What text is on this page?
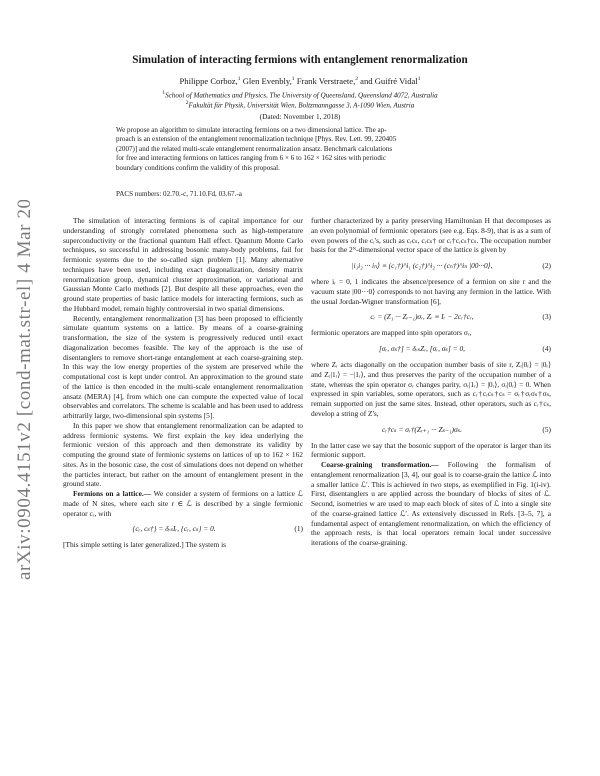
arXiv:0904.4151v2 [cond-mat.str-el] 4 Mar 2010
Simulation of interacting fermions with entanglement renormalization
Philippe Corboz,$^1$ Glen Evenbly,$^1$ Frank Verstraete,$^2$ and Guifré Vidal$^1$
$^1$School of Mathematics and Physics, The University of Queensland, Queensland 4072, Australia
$^2$Fakultät für Physik, Universität Wien, Boltzmanngasse 3, A-1090 Wien, Austria
(Dated: November 1, 2018)
We propose an algorithm to simulate interacting fermions on a two dimensional lattice. The ap-
proach is an extension of the entanglement renormalization technique [Phys. Rev. Lett. 99, 220405
(2007)] and the related multi-scale entanglement renormalization ansatz. Benchmark calculations
for free and interacting fermions on lattices ranging from 6 × 6 to 162 × 162 sites with periodic
boundary conditions confirm the validity of this proposal.
PACS numbers: 02.70.-c, 71.10.Fd, 03.67.-a

The simulation of interacting fermions is of capital importance for our understanding of strongly correlated phenomena such as high-temperature superconductivity or the fractional quantum Hall effect. Quantum Monte Carlo techniques, so successful in addressing bosonic many-body problems, fail for fermionic systems due to the so-called sign problem [1]. Many alternative techniques have been used, including exact diagonalization, density matrix renormalization group, dynamical cluster approximation, or variational and Gaussian Monte Carlo methods [2]. But despite all these approaches, even the ground state properties of basic lattice models for interacting fermions, such as the Hubbard model, remain highly controversial in two spatial dimensions.

Recently, entanglement renormalization [3] has been proposed to efficiently simulate quantum systems on a lattice. By means of a coarse-graining transformation, the size of the system is progressively reduced until exact diagonalization becomes feasible. The key of the approach is the use of disentanglers to remove short-range entanglement at each coarse-graining step. In this way the low energy properties of the system are preserved while the computational cost is kept under control. An approximation to the ground state of the lattice is then encoded in the multi-scale entanglement renormalization ansatz (MERA) [4], from which one can compute the expected value of local observables and correlators. The scheme is scalable and has been used to address arbitrarily large, two-dimensional spin systems [5].

In this paper we show that entanglement renormalization can be adapted to address fermionic systems. We first explain the key idea underlying the fermionic version of this approach and then demonstrate its validity by computing the ground state of fermionic systems on lattices of up to 162 × 162 sites. As in the bosonic case, the cost of simulations does not depend on whether the particles interact, but rather on the amount of entanglement present in the ground state.

Fermions on a lattice.— We consider a system of fermions on a lattice ℒ made of N sites, where each site r ∈ ℒ is described by a single fermionic operator cᵣ, with

{cᵣ, cₛ†} = δᵣₛIᵣ, {cᵣ, cₛ} = 0.	(1)

[This simple setting is later generalized.] The system is

further characterized by a parity preserving Hamiltonian H that decomposes as an even polynomial of fermionic operators (see e.g. Eqs. 8-9), that is as a sum of even powers of the cᵣ's, such as cᵣcₛ, cᵣcₛ† or cᵣ†cᵣcₛ†cₛ. The occupation number basis for the 2ᴺ-dimensional vector space of the lattice is given by

|i₁i₂ ··· iₙ⟩ ≡ (c₁†)^i₁ (c₂†)^i₂ ··· (cₙ†)^iₙ |00···0⟩,	(2)

where iᵣ = 0, 1 indicates the absence/presence of a fermion on site r and the vacuum state |00···0⟩ corresponds to not having any fermion in the lattice. With the usual Jordan-Wigner transformation [6],

cᵣ = (Z₁ ··· Zᵣ₋₁)σᵣ, Zᵣ ≡ Iᵣ − 2cᵣ†cᵣ,	(3)

fermionic operators are mapped into spin operators σᵣ,

[σᵣ, σₛ†] = δᵣₛZᵣ, [σᵣ, σₛ] = 0,	(4)

where Zᵣ acts diagonally on the occupation number basis of site r, Zᵣ|0ᵣ⟩ = |0ᵣ⟩ and Zᵣ|1ᵣ⟩ = −|1ᵣ⟩, and thus preserves the parity of the occupation number of a state, whereas the spin operator σᵣ changes parity, σᵣ|1ᵣ⟩ = |0ᵣ⟩, σᵣ|0ᵣ⟩ = 0. When expressed in spin variables, some operators, such as cᵣ†cᵣcₛ†cₛ = σᵣ†σᵣσₛ†σₛ, remain supported on just the same sites. Instead, other operators, such as cᵣ†cₛ, develop a string of Z's,

cᵣ†cₛ = σᵣ†(Zᵣ₊₁ ··· Zₛ₋₁)σₛ.	(5)

In the latter case we say that the bosonic support of the operator is larger than its fermionic support.

Coarse-graining transformation.— Following the formalism of entanglement renormalization [3, 4], our goal is to coarse-grain the lattice ℒ into a smaller lattice ℒ′. This is achieved in two steps, as exemplified in Fig. 1(i-iv). First, disentanglers u are applied across the boundary of blocks of sites of ℒ. Second, isometries w are used to map each block of sites of ℒ into a single site of the coarse-grained lattice ℒ′. As extensively discussed in Refs. [3–5, 7], a fundamental aspect of entanglement renormalization, on which the efficiency of the approach rests, is that local operators remain local under successive iterations of the coarse-graining.
